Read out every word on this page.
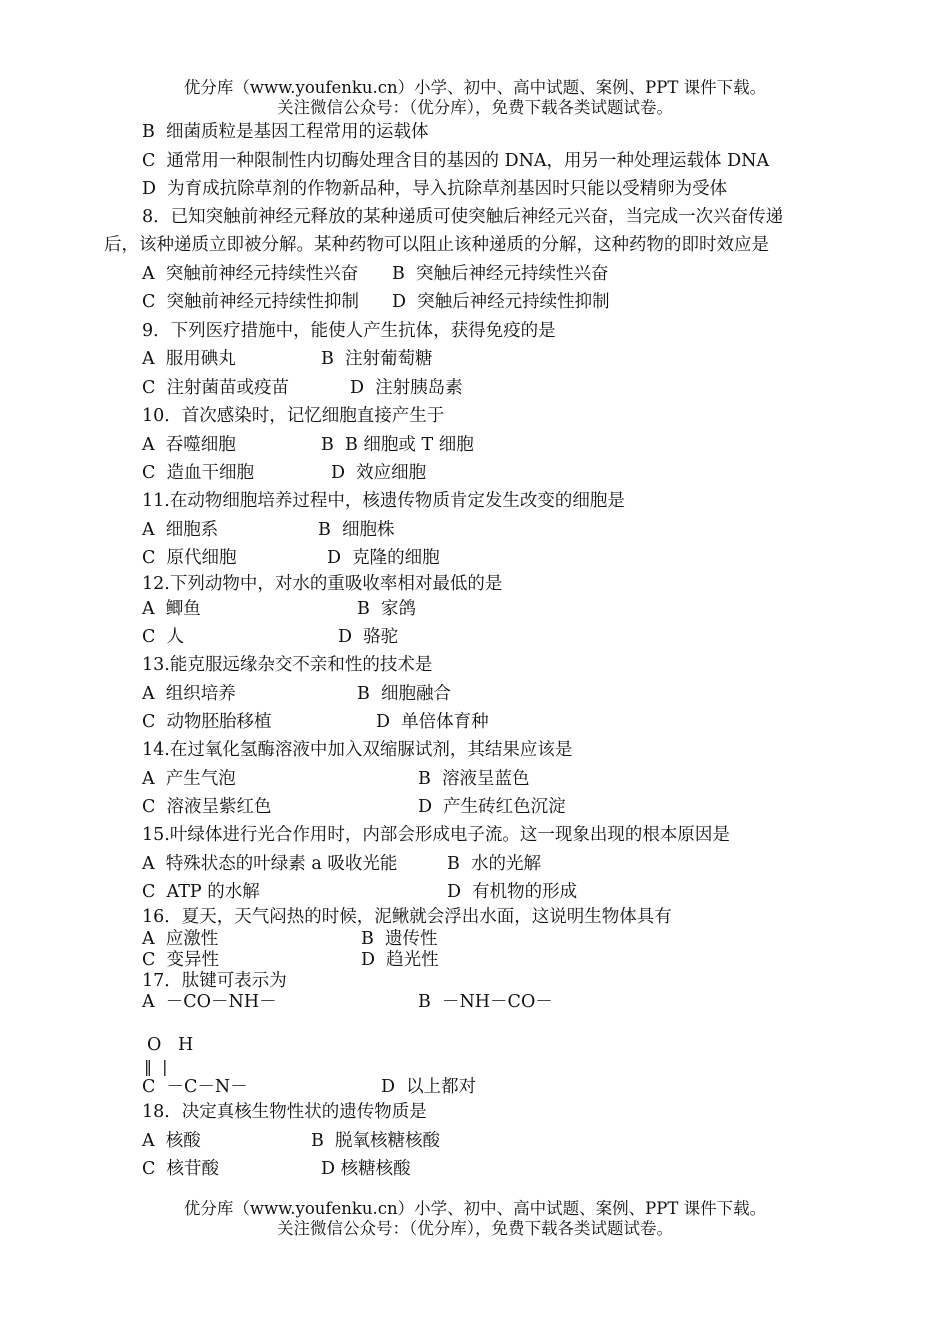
优分库（www.youfenku.cn）小学、初中、高中试题、案例、PPT 课件下载。
关注微信公众号：（优分库），免费下载各类试题试卷。
B  细菌质粒是基因工程常用的运载体
C  通常用一种限制性内切酶处理含目的基因的 DNA，用另一种处理运载体 DNA
D  为育成抗除草剂的作物新品种，导入抗除草剂基因时只能以受精卵为受体
8．已知突触前神经元释放的某种递质可使突触后神经元兴奋，当完成一次兴奋传递
后，该种递质立即被分解。某种药物可以阻止该种递质的分解，这种药物的即时效应是
A  突触前神经元持续性兴奋 B  突触后神经元持续性兴奋
C  突触前神经元持续性抑制 D  突触后神经元持续性抑制
9．下列医疗措施中，能使人产生抗体，获得免疫的是
A  服用碘丸	B  注射葡萄糖
C  注射菌苗或疫苗	D  注射胰岛素
10．首次感染时，记忆细胞直接产生于
A  吞噬细胞	B  B 细胞或 T 细胞
C  造血干细胞	D  效应细胞
11.在动物细胞培养过程中，核遗传物质肯定发生改变的细胞是
A  细胞系	B  细胞株
C  原代细胞	D  克隆的细胞
12.下列动物中，对水的重吸收率相对最低的是
A  鲫鱼	B  家鸽
C  人	D  骆驼
13.能克服远缘杂交不亲和性的技术是
A  组织培养	B  细胞融合
C  动物胚胎移植	D  单倍体育种
14.在过氧化氢酶溶液中加入双缩脲试剂，其结果应该是
A  产生气泡	B  溶液呈蓝色
C  溶液呈紫红色	D  产生砖红色沉淀
15.叶绿体进行光合作用时，内部会形成电子流。这一现象出现的根本原因是
A  特殊状态的叶绿素 a 吸收光能	B  水的光解
C  ATP 的水解	D  有机物的形成
16．夏天，天气闷热的时候，泥鳅就会浮出水面，这说明生物体具有
A  应激性	B  遗传性
C  变异性	D  趋光性
17．肽键可表示为
A  －CO－NH－	B  －NH－CO－
O   H
‖  |
C  －C－N－	D  以上都对
18．决定真核生物性状的遗传物质是
A  核酸	B  脱氧核糖核酸
C  核苷酸	D 核糖核酸
优分库（www.youfenku.cn）小学、初中、高中试题、案例、PPT 课件下载。
关注微信公众号：（优分库），免费下载各类试题试卷。
